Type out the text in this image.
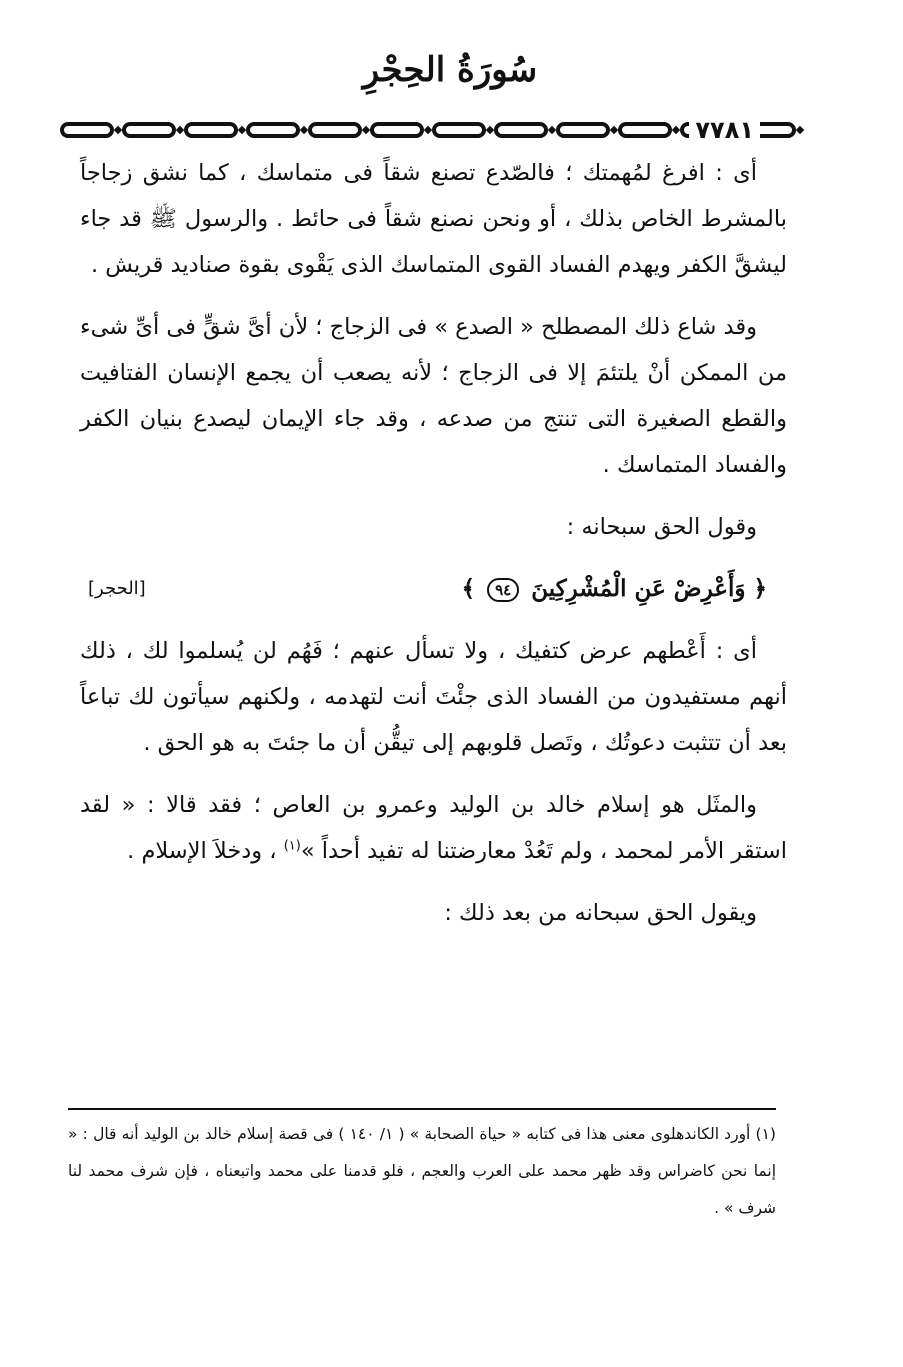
سُورَةُ الحِجْرِ
٧٧٨١

أى : افرغ لمُهمتك ؛ فالصّدع تصنع شقاً فى متماسك ، كما نشق زجاجاً بالمشرط الخاص بذلك ، أو ونحن نصنع شقاً فى حائط . والرسول ﷺ قد جاء ليشقَّ الكفر ويهدم الفساد القوى المتماسك الذى يَقْوى بقوة صناديد قريش .

وقد شاع ذلك المصطلح « الصدع » فى الزجاج ؛ لأن أىَّ شقٍّ فى أىِّ شىء من الممكن أنْ يلتئمَ إلا فى الزجاج ؛ لأنه يصعب أن يجمع الإنسان الفتافيت والقطع الصغيرة التى تنتج من صدعه ، وقد جاء الإيمان ليصدع بنيان الكفر والفساد المتماسك .

وقول الحق سبحانه :

﴿ وَأَعْرِضْ عَنِ الْمُشْرِكِينَ ٩٤ ﴾
[الحجر]

أى : أَعْطهم عرض كتفيك ، ولا تسأل عنهم ؛ فَهُم لن يُسلموا لك ، ذلك أنهم مستفيدون من الفساد الذى جئْتَ أنت لتهدمه ، ولكنهم سيأتون لك تباعاً بعد أن تتثبت دعوتُك ، وتَصل قلوبهم إلى تيقُّن أن ما جئتَ به هو الحق .

والمثَل هو إسلام خالد بن الوليد وعمرو بن العاص ؛ فقد قالا : « لقد استقر الأمر لمحمد ، ولم تَعُدْ معارضتنا له تفيد أحداً »$^{(١)}$ ، ودخلاَ الإسلام .

ويقول الحق سبحانه من بعد ذلك :

(١) أورد الكاندهلوى معنى هذا فى كتابه « حياة الصحابة » ( ١/ ١٤٠ ) فى قصة إسلام خالد بن الوليد أنه قال : « إنما نحن كاضراس وقد ظهر محمد على العرب والعجم ، فلو قدمنا على محمد واتبعناه ، فإن شرف محمد لنا شرف » .
